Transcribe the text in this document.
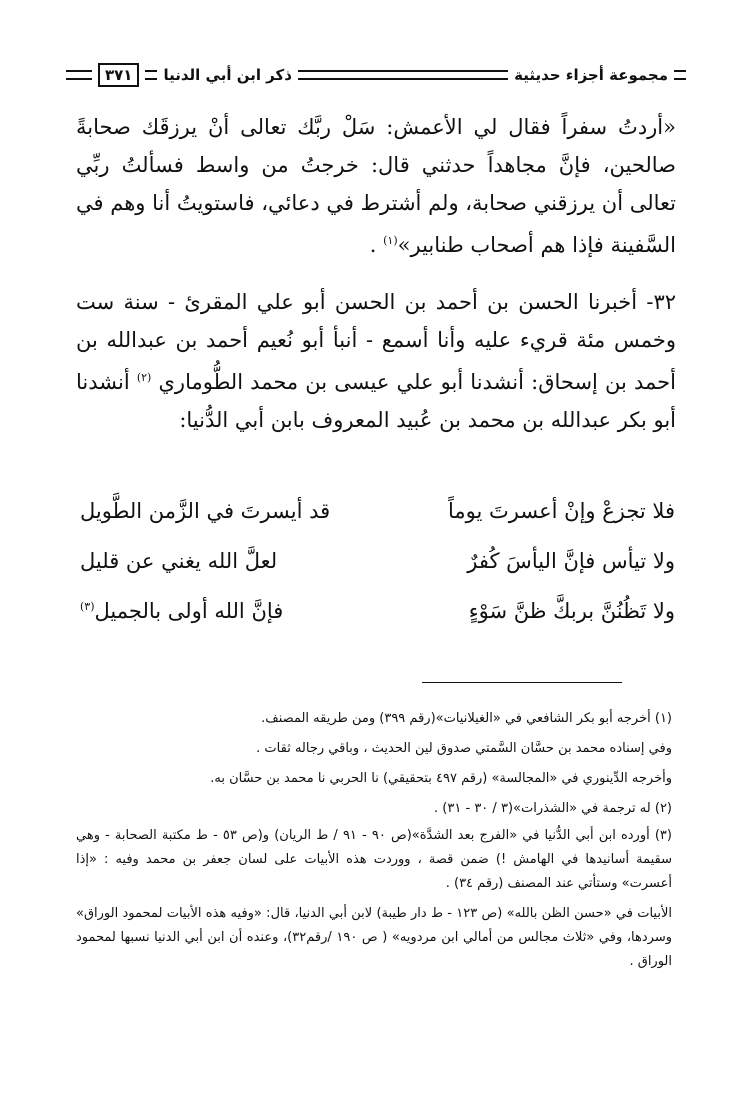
مجموعة أجزاء حديثية
ذكر ابن أبي الدنيا
٣٧١
«أردتُ سفراً فقال لي الأعمش: سَلْ ربَّك تعالى أنْ يرزقَك صحابةً صالحين، فإنَّ مجاهداً حدثني قال: خرجتُ من واسط فسألتُ ربِّي تعالى أن يرزقني صحابة، ولم أشترط في دعائي، فاستويتُ أنا وهم في السَّفينة فإذا هم أصحاب طنابير»$^{(١)}$ .
٣٢- أخبرنا الحسن بن أحمد بن الحسن أبو علي المقرئ - سنة ست وخمس مئة قريء عليه وأنا أسمع - أنبأ أبو نُعيم أحمد بن عبدالله بن أحمد بن إسحاق: أنشدنا أبو علي عيسى بن محمد الطُّوماري $^{(٢)}$ أنشدنا أبو بكر عبدالله بن محمد بن عُبيد المعروف بابن أبي الدُّنيا:
فلا تجزعْ وإنْ أعسرتَ يوماً
قد أيسرتَ في الزَّمن الطَّويل
ولا تيأس فإنَّ اليأسَ كُفرٌ
لعلَّ الله يغني عن قليل
ولا تَظُنُنَّ بربكَّ ظنَّ سَوْءٍ
فإنَّ الله أولى بالجميل$^{(٣)}$

(١) أخرجه أبو بكر الشافعي في «الغيلانيات»(رقم ٣٩٩) ومن طريقه المصنف.

وفي إسناده محمد بن حسَّان السَّمتي صدوق لين الحديث ، وباقي رجاله ثقات .

وأخرجه الدِّينوري في «المجالسة» (رقم ٤٩٧ بتحقيقي) نا الحربي نا محمد بن حسَّان به.

(٢) له ترجمة في «الشذرات»(٣ / ٣٠ - ٣١) .

(٣) أورده ابن أبي الدُّنيا في «الفرج بعد الشدَّة»(ص ٩٠ - ٩١ / ط الريان) و(ص ٥٣ - ط مكتبة الصحابة - وهي سقيمة أسانيدها في الهامش !) ضمن قصة ، ووردت هذه الأبيات على لسان جعفر بن محمد وفيه : «إذا أعسرت» وستأتي عند المصنف (رقم ٣٤) .

الأبيات في «حسن الظن بالله» (ص ١٢٣ - ط دار طيبة) لابن أبي الدنيا، قال: «وفيه هذه الأبيات لمحمود الوراق» وسردها، وفي «ثلاث مجالس من أمالي ابن مردويه» ( ص ١٩٠ /رقم٣٢)، وعنده أن ابن أبي الدنيا نسبها لمحمود الوراق .
